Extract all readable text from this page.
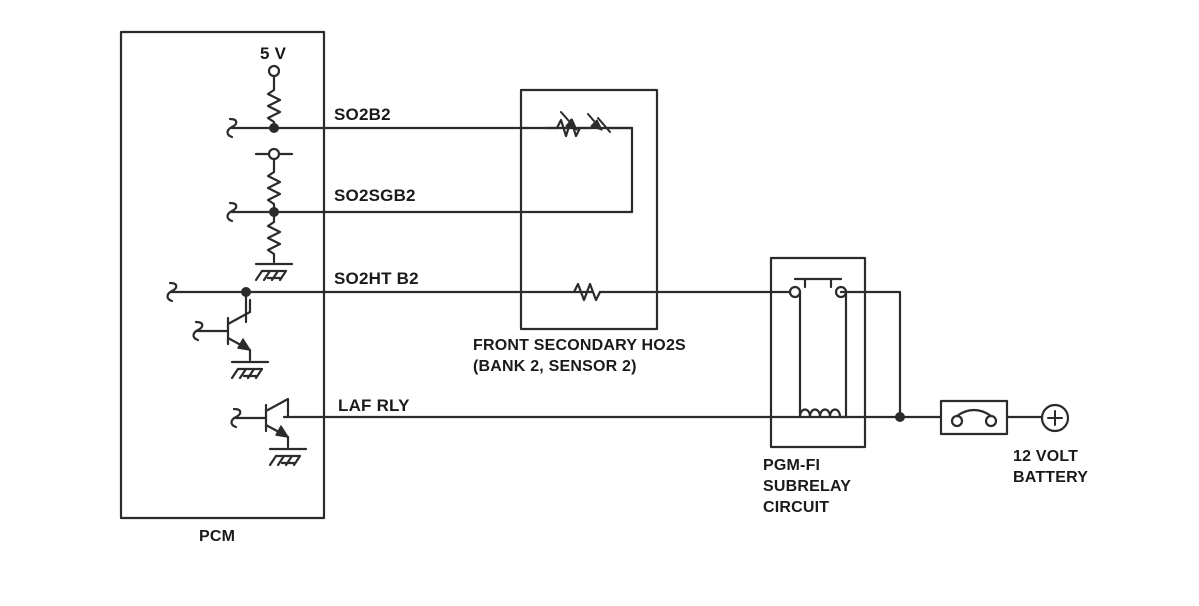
5 V
SO2B2
SO2SGB2
SO2HT B2
LAF RLY
PCM
FRONT SECONDARY HO2S
(BANK 2, SENSOR 2)
PGM-FI
SUBRELAY
CIRCUIT
12 VOLT
BATTERY
